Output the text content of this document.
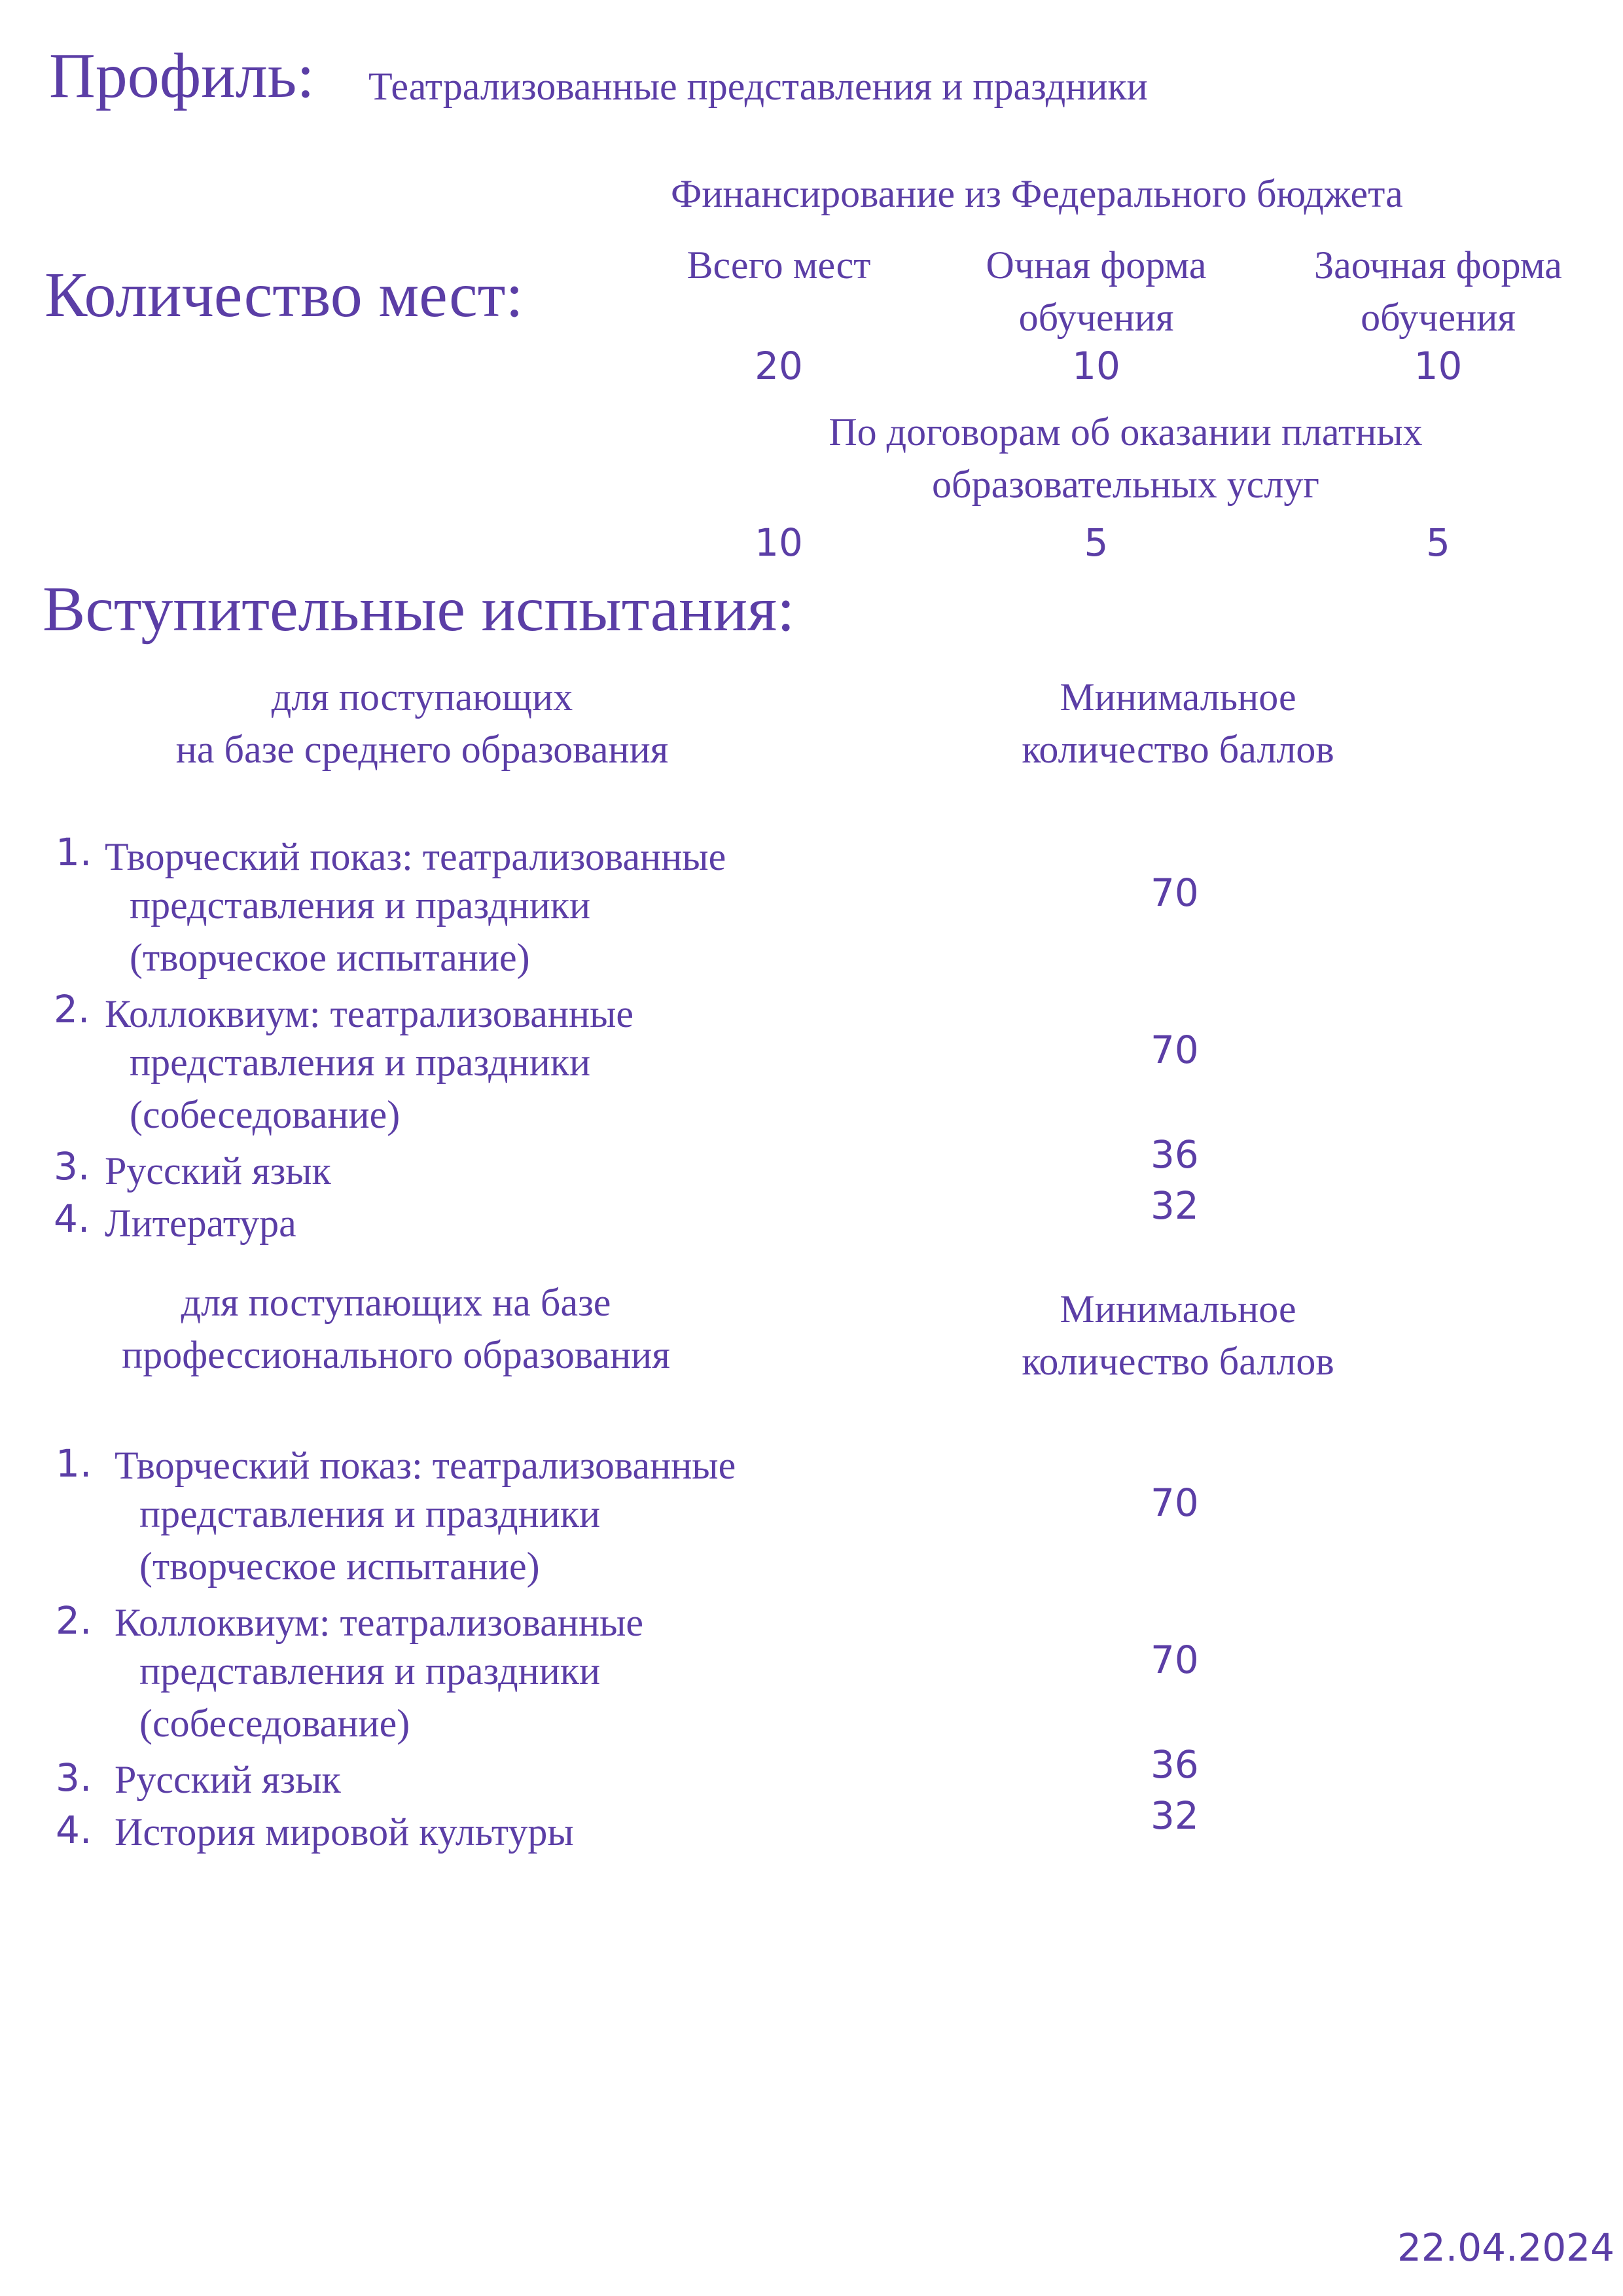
Профиль: Театрализованные представления и праздники
Количество мест:
Финансирование из Федерального бюджета
Всего мест	Очная форма
обучения
Заочная форма
обучения
20	10	10
По договорам об оказании платных
образовательных услуг
10	5	5
Вступительные испытания:
для поступающих
на базе среднего образования
Минимальное
количество баллов
1. Творческий показ: театрализованные
представления и праздники
(творческое испытание)
70
2. Коллоквиум: театрализованные
представления и праздники
(собеседование)
70
3. Русский язык	36
4. Литература	32
для поступающих на базе
профессионального образования
Минимальное
количество баллов
1. Творческий показ: театрализованные
представления и праздники
(творческое испытание)
70
2. Коллоквиум: театрализованные
представления и праздники
(собеседование)
70
3. Русский язык	36
4. История мировой культуры	32
22.04.2024
